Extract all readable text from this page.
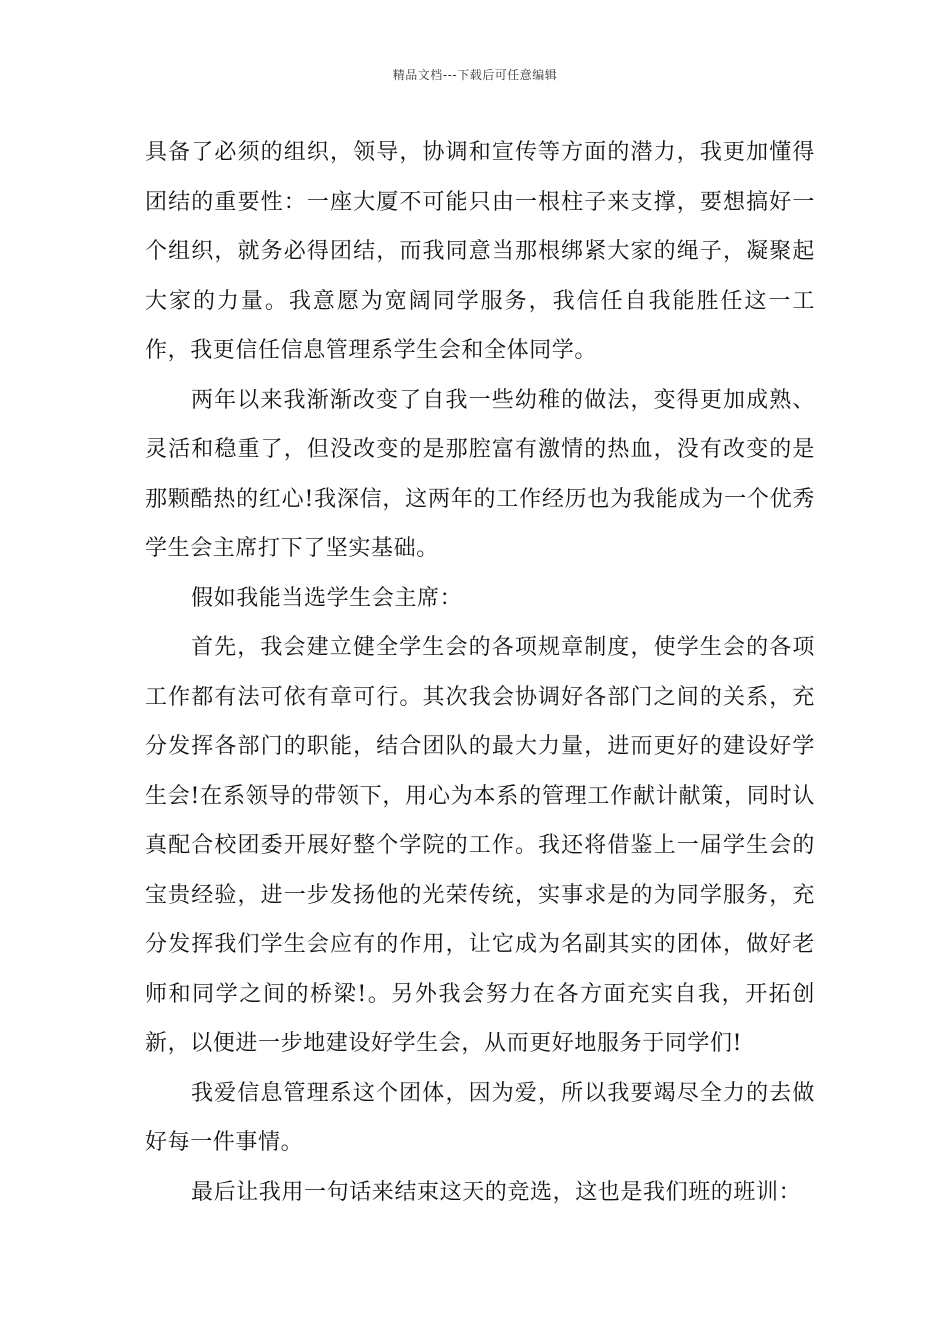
精品文档---下载后可任意编辑

具备了必须的组织，领导，协调和宣传等方面的潜力，我更加懂得团结的重要性：一座大厦不可能只由一根柱子来支撑，要想搞好一个组织，就务必得团结，而我同意当那根绑紧大家的绳子，凝聚起大家的力量。我意愿为宽阔同学服务，我信任自我能胜任这一工作，我更信任信息管理系学生会和全体同学。

两年以来我渐渐改变了自我一些幼稚的做法，变得更加成熟、灵活和稳重了，但没改变的是那腔富有激情的热血，没有改变的是那颗酷热的红心!我深信，这两年的工作经历也为我能成为一个优秀学生会主席打下了坚实基础。

假如我能当选学生会主席：

首先，我会建立健全学生会的各项规章制度，使学生会的各项工作都有法可依有章可行。其次我会协调好各部门之间的关系，充分发挥各部门的职能，结合团队的最大力量，进而更好的建设好学生会!在系领导的带领下，用心为本系的管理工作献计献策，同时认真配合校团委开展好整个学院的工作。我还将借鉴上一届学生会的宝贵经验，进一步发扬他的光荣传统，实事求是的为同学服务，充分发挥我们学生会应有的作用，让它成为名副其实的团体，做好老师和同学之间的桥梁!。另外我会努力在各方面充实自我，开拓创新，以便进一步地建设好学生会，从而更好地服务于同学们!

我爱信息管理系这个团体，因为爱，所以我要竭尽全力的去做好每一件事情。

最后让我用一句话来结束这天的竞选，这也是我们班的班训：
